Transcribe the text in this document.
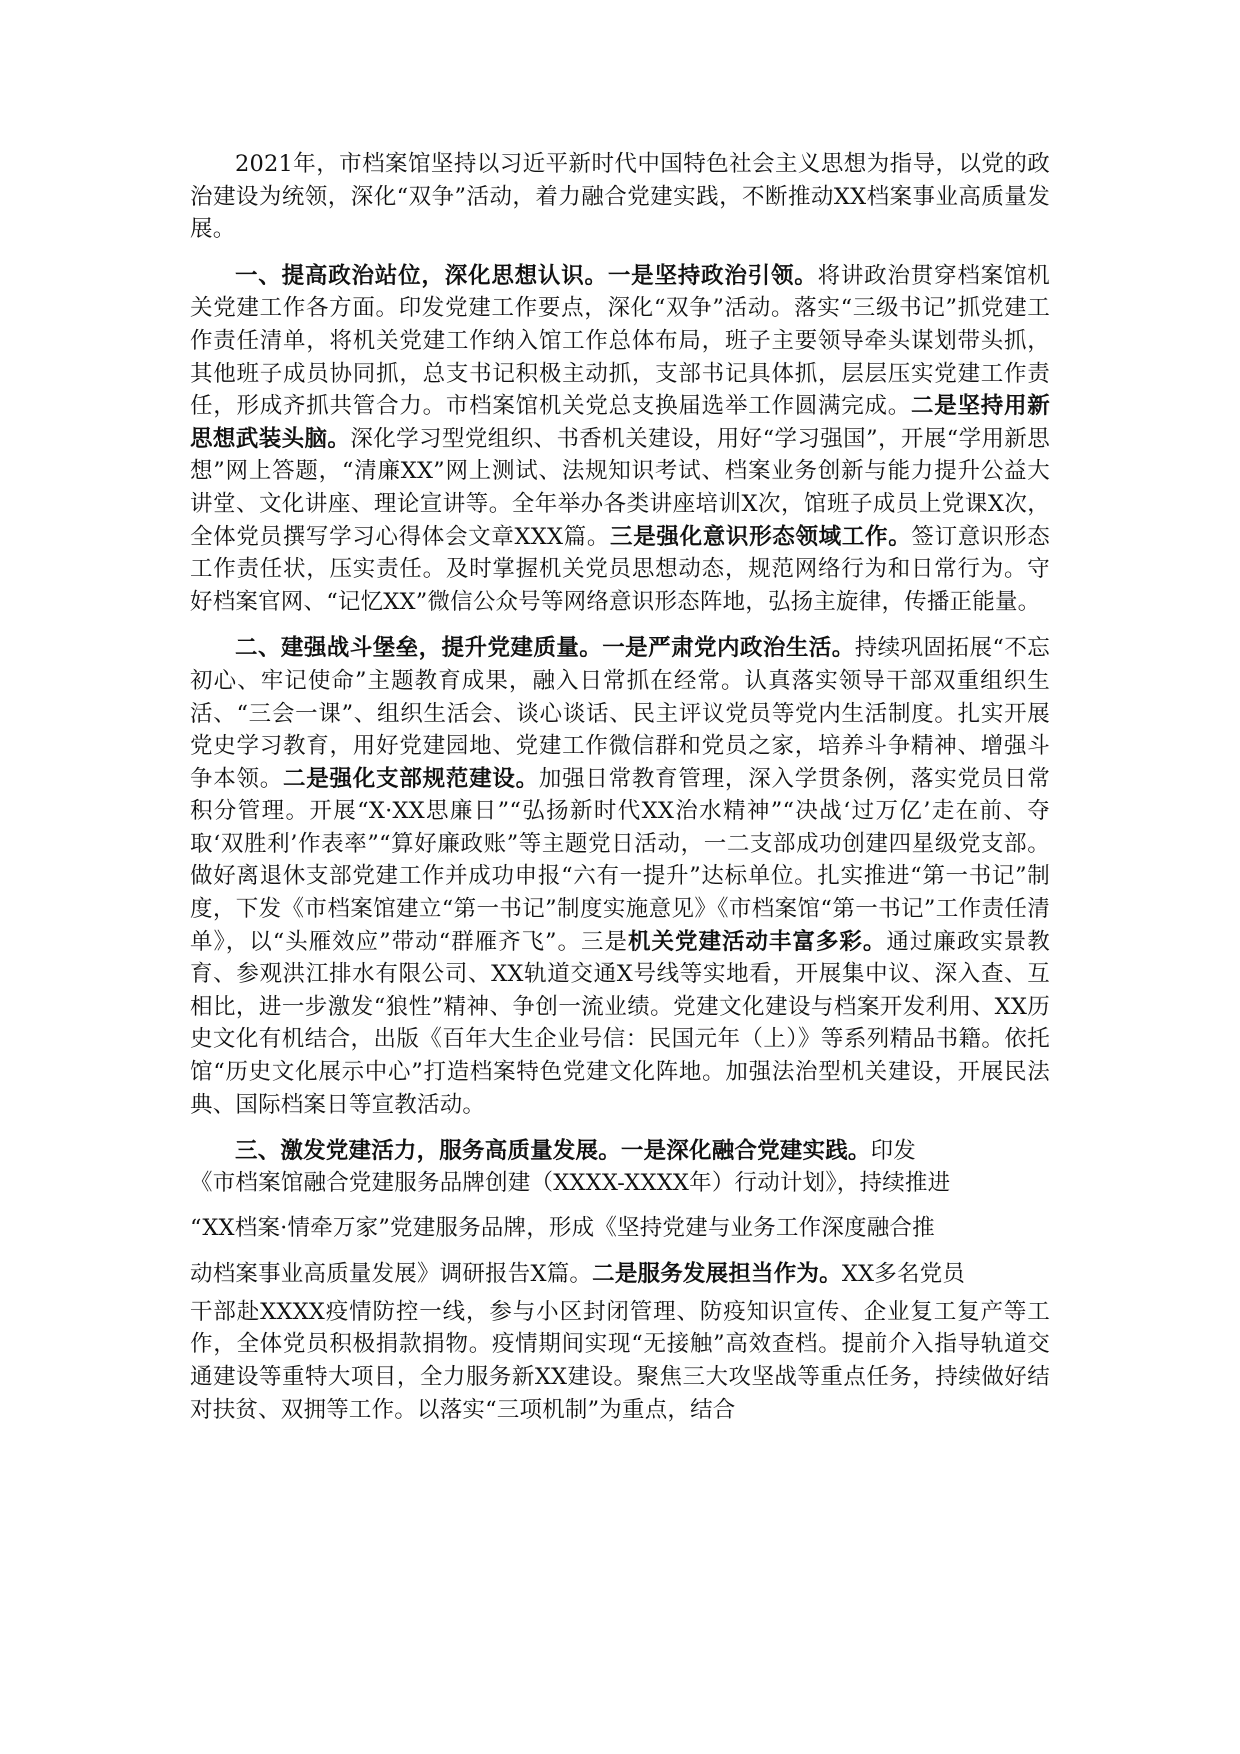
2021年，市档案馆坚持以习近平新时代中国特色社会主义思想为指导，以党的政治建设为统领，深化“双争”活动，着力融合党建实践，不断推动XX档案事业高质量发展。

一、提高政治站位，深化思想认识。一是坚持政治引领。将讲政治贯穿档案馆机关党建工作各方面。印发党建工作要点，深化“双争”活动。落实“三级书记”抓党建工作责任清单，将机关党建工作纳入馆工作总体布局，班子主要领导牵头谋划带头抓，其他班子成员协同抓，总支书记积极主动抓，支部书记具体抓，层层压实党建工作责任，形成齐抓共管合力。市档案馆机关党总支换届选举工作圆满完成。二是坚持用新思想武装头脑。深化学习型党组织、书香机关建设，用好“学习强国”，开展“学用新思想”网上答题，“清廉XX”网上测试、法规知识考试、档案业务创新与能力提升公益大讲堂、文化讲座、理论宣讲等。全年举办各类讲座培训X次，馆班子成员上党课X次，全体党员撰写学习心得体会文章XXX篇。三是强化意识形态领域工作。签订意识形态工作责任状，压实责任。及时掌握机关党员思想动态，规范网络行为和日常行为。守好档案官网、“记忆XX”微信公众号等网络意识形态阵地，弘扬主旋律，传播正能量。

二、建强战斗堡垒，提升党建质量。一是严肃党内政治生活。持续巩固拓展“不忘初心、牢记使命”主题教育成果，融入日常抓在经常。认真落实领导干部双重组织生活、“三会一课”、组织生活会、谈心谈话、民主评议党员等党内生活制度。扎实开展党史学习教育，用好党建园地、党建工作微信群和党员之家，培养斗争精神、增强斗争本领。二是强化支部规范建设。加强日常教育管理，深入学贯条例，落实党员日常积分管理。开展“X·XX思廉日”“弘扬新时代XX治水精神”“决战‘过万亿’走在前、夺取‘双胜利’作表率”“算好廉政账”等主题党日活动，一二支部成功创建四星级党支部。做好离退休支部党建工作并成功申报“六有一提升”达标单位。扎实推进“第一书记”制度，下发《市档案馆建立“第一书记”制度实施意见》《市档案馆“第一书记”工作责任清单》，以“头雁效应”带动“群雁齐飞”。三是机关党建活动丰富多彩。通过廉政实景教育、参观洪江排水有限公司、XX轨道交通X号线等实地看，开展集中议、深入查、互相比，进一步激发“狼性”精神、争创一流业绩。党建文化建设与档案开发利用、XX历史文化有机结合，出版《百年大生企业号信：民国元年（上）》等系列精品书籍。依托馆“历史文化展示中心”打造档案特色党建文化阵地。加强法治型机关建设，开展民法典、国际档案日等宣教活动。

三、激发党建活力，服务高质量发展。一是深化融合党建实践。印发
《市档案馆融合党建服务品牌创建（XXXX-XXXX年）行动计划》，持续推进
“XX档案·情牵万家”党建服务品牌，形成《坚持党建与业务工作深度融合推
动档案事业高质量发展》调研报告X篇。二是服务发展担当作为。XX多名党员
干部赴XXXX疫情防控一线，参与小区封闭管理、防疫知识宣传、企业复工复产等工作，全体党员积极捐款捐物。疫情期间实现“无接触”高效查档。提前介入指导轨道交通建设等重特大项目，全力服务新XX建设。聚焦三大攻坚战等重点任务，持续做好结对扶贫、双拥等工作。以落实“三项机制”为重点，结合
